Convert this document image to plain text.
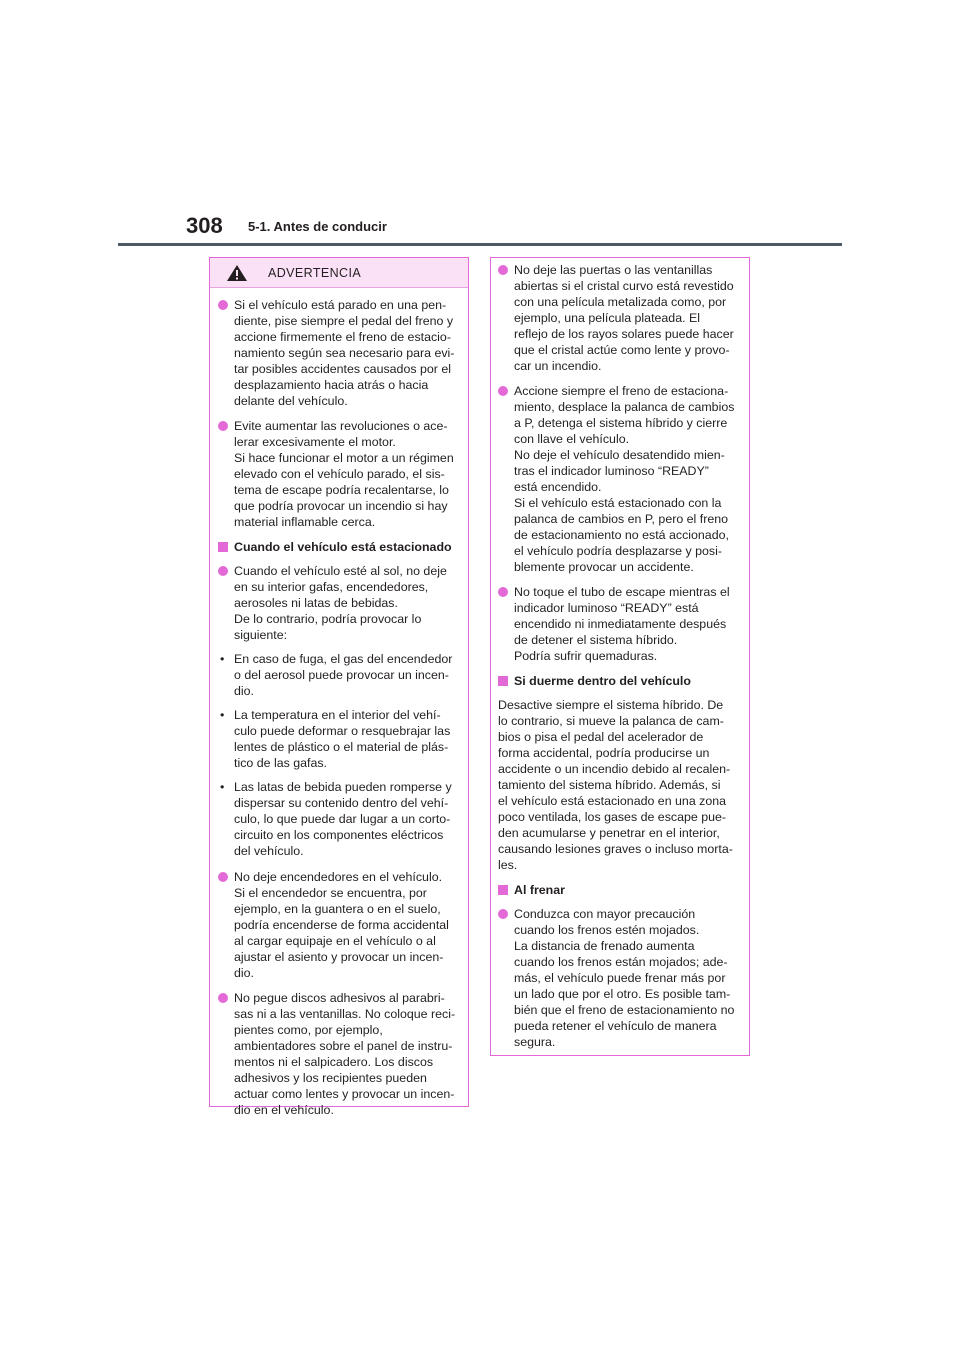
308 5-1. Antes de conducir
ADVERTENCIA
Si el vehículo está parado en una pen-
diente, pise siempre el pedal del freno y
accione firmemente el freno de estacio-
namiento según sea necesario para evi-
tar posibles accidentes causados por el
desplazamiento hacia atrás o hacia
delante del vehículo.
Evite aumentar las revoluciones o ace-
lerar excesivamente el motor.
Si hace funcionar el motor a un régimen
elevado con el vehículo parado, el sis-
tema de escape podría recalentarse, lo
que podría provocar un incendio si hay
material inflamable cerca.
Cuando el vehículo está estacionado
Cuando el vehículo esté al sol, no deje
en su interior gafas, encendedores,
aerosoles ni latas de bebidas.
De lo contrario, podría provocar lo
siguiente:
• En caso de fuga, el gas del encendedor
o del aerosol puede provocar un incen-
dio.
• La temperatura en el interior del vehí-
culo puede deformar o resquebrajar las
lentes de plástico o el material de plás-
tico de las gafas.
• Las latas de bebida pueden romperse y
dispersar su contenido dentro del vehí-
culo, lo que puede dar lugar a un corto-
circuito en los componentes eléctricos
del vehículo.
No deje encendedores en el vehículo.
Si el encendedor se encuentra, por
ejemplo, en la guantera o en el suelo,
podría encenderse de forma accidental
al cargar equipaje en el vehículo o al
ajustar el asiento y provocar un incen-
dio.
No pegue discos adhesivos al parabri-
sas ni a las ventanillas. No coloque reci-
pientes como, por ejemplo,
ambientadores sobre el panel de instru-
mentos ni el salpicadero. Los discos
adhesivos y los recipientes pueden
actuar como lentes y provocar un incen-
dio en el vehículo.
No deje las puertas o las ventanillas
abiertas si el cristal curvo está revestido
con una película metalizada como, por
ejemplo, una película plateada. El
reflejo de los rayos solares puede hacer
que el cristal actúe como lente y provo-
car un incendio.
Accione siempre el freno de estaciona-
miento, desplace la palanca de cambios
a P, detenga el sistema híbrido y cierre
con llave el vehículo.
No deje el vehículo desatendido mien-
tras el indicador luminoso “READY”
está encendido.
Si el vehículo está estacionado con la
palanca de cambios en P, pero el freno
de estacionamiento no está accionado,
el vehículo podría desplazarse y posi-
blemente provocar un accidente.
No toque el tubo de escape mientras el
indicador luminoso “READY” está
encendido ni inmediatamente después
de detener el sistema híbrido.
Podría sufrir quemaduras.
Si duerme dentro del vehículo
Desactive siempre el sistema híbrido. De
lo contrario, si mueve la palanca de cam-
bios o pisa el pedal del acelerador de
forma accidental, podría producirse un
accidente o un incendio debido al recalen-
tamiento del sistema híbrido. Además, si
el vehículo está estacionado en una zona
poco ventilada, los gases de escape pue-
den acumularse y penetrar en el interior,
causando lesiones graves o incluso morta-
les.
Al frenar
Conduzca con mayor precaución
cuando los frenos estén mojados.
La distancia de frenado aumenta
cuando los frenos están mojados; ade-
más, el vehículo puede frenar más por
un lado que por el otro. Es posible tam-
bién que el freno de estacionamiento no
pueda retener el vehículo de manera
segura.
